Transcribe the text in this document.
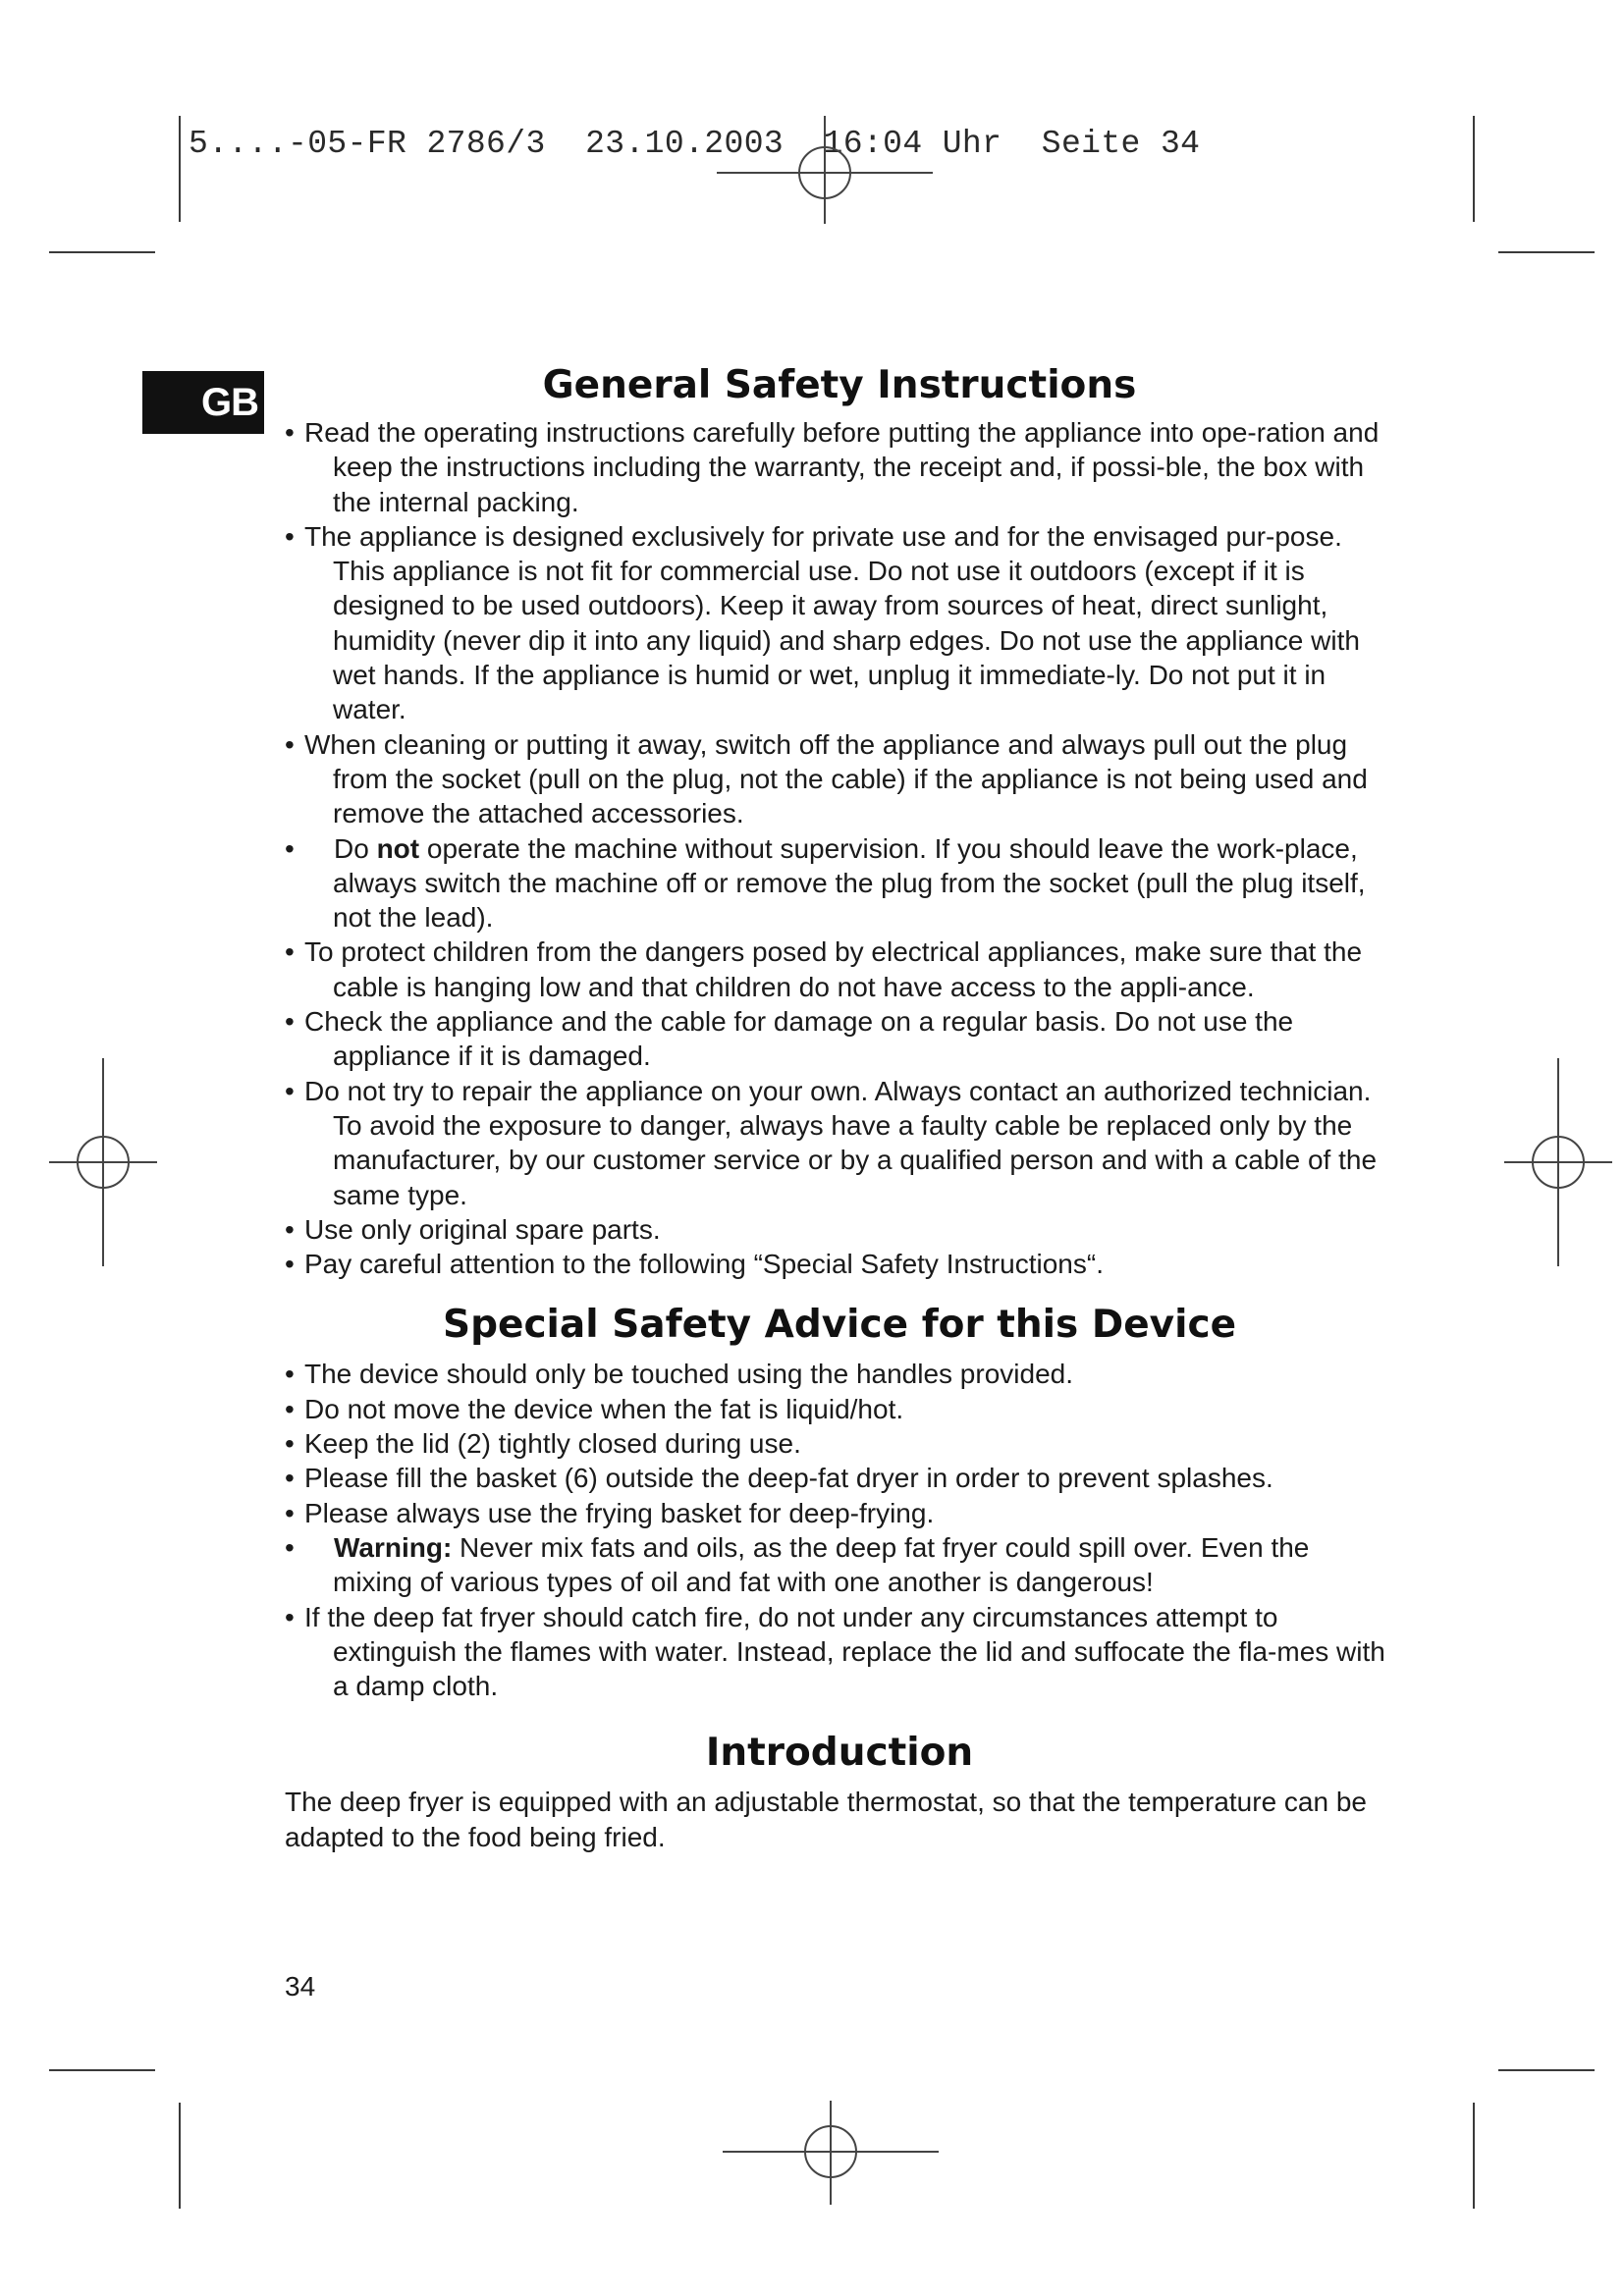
5....-05-FR 2786/3  23.10.2003  16:04 Uhr  Seite 34
GB	General Safety Instructions
• Read the operating instructions carefully before putting the appliance into ope-ration and keep the instructions including the warranty, the receipt and, if possi-ble, the box with the internal packing.
• The appliance is designed exclusively for private use and for the envisaged pur-pose. This appliance is not fit for commercial use. Do not use it outdoors (except if it is designed to be used outdoors). Keep it away from sources of heat, direct sunlight, humidity (never dip it into any liquid) and sharp edges. Do not use the appliance with wet hands. If the appliance is humid or wet, unplug it immediate-ly. Do not put it in water.
• When cleaning or putting it away, switch off the appliance and always pull out the plug from the socket (pull on the plug, not the cable) if the appliance is not being used and remove the attached accessories.
• Do not operate the machine without supervision. If you should leave the work-place, always switch the machine off or remove the plug from the socket (pull the plug itself, not the lead).
• To protect children from the dangers posed by electrical appliances, make sure that the cable is hanging low and that children do not have access to the appli-ance.
• Check the appliance and the cable for damage on a regular basis. Do not use the appliance if it is damaged.
• Do not try to repair the appliance on your own. Always contact an authorized technician. To avoid the exposure to danger, always have a faulty cable be replaced only by the manufacturer, by our customer service or by a qualified person and with a cable of the same type.
• Use only original spare parts.
• Pay careful attention to the following “Special Safety Instructions“.
Special Safety Advice for this Device
• The device should only be touched using the handles provided.
• Do not move the device when the fat is liquid/hot.
• Keep the lid (2) tightly closed during use.
• Please fill the basket (6) outside the deep-fat dryer in order to prevent splashes.
• Please always use the frying basket for deep-frying.
• Warning: Never mix fats and oils, as the deep fat fryer could spill over. Even the mixing of various types of oil and fat with one another is dangerous!
• If the deep fat fryer should catch fire, do not under any circumstances attempt to extinguish the flames with water. Instead, replace the lid and suffocate the fla-mes with a damp cloth.
Introduction

The deep fryer is equipped with an adjustable thermostat, so that the temperature can be adapted to the food being fried.

34
